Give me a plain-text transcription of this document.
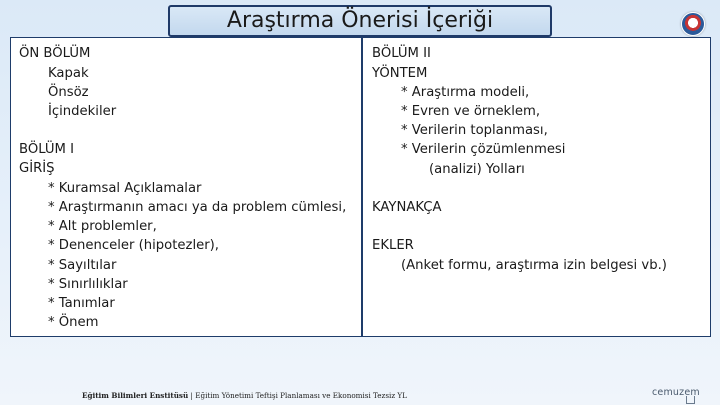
Araştırma Önerisi İçeriği
ÖN BÖLÜM
Kapak
Önsöz
İçindekiler
BÖLÜM I
GİRİŞ
* Kuramsal Açıklamalar
* Araştırmanın amacı ya da problem cümlesi,
* Alt problemler,
* Denenceler (hipotezler),
* Sayıltılar
* Sınırlılıklar
* Tanımlar
* Önem
BÖLÜM II
YÖNTEM
* Araştırma modeli,
* Evren ve örneklem,
* Verilerin toplanması,
* Verilerin çözümlenmesi
(analizi) Yolları
KAYNAKÇA
EKLER
(Anket formu, araştırma izin belgesi vb.)
Eğitim Bilimleri Enstitüsü | Eğitim Yönetimi Teftişi Planlaması ve Ekonomisi Tezsiz YL	cemuzem
